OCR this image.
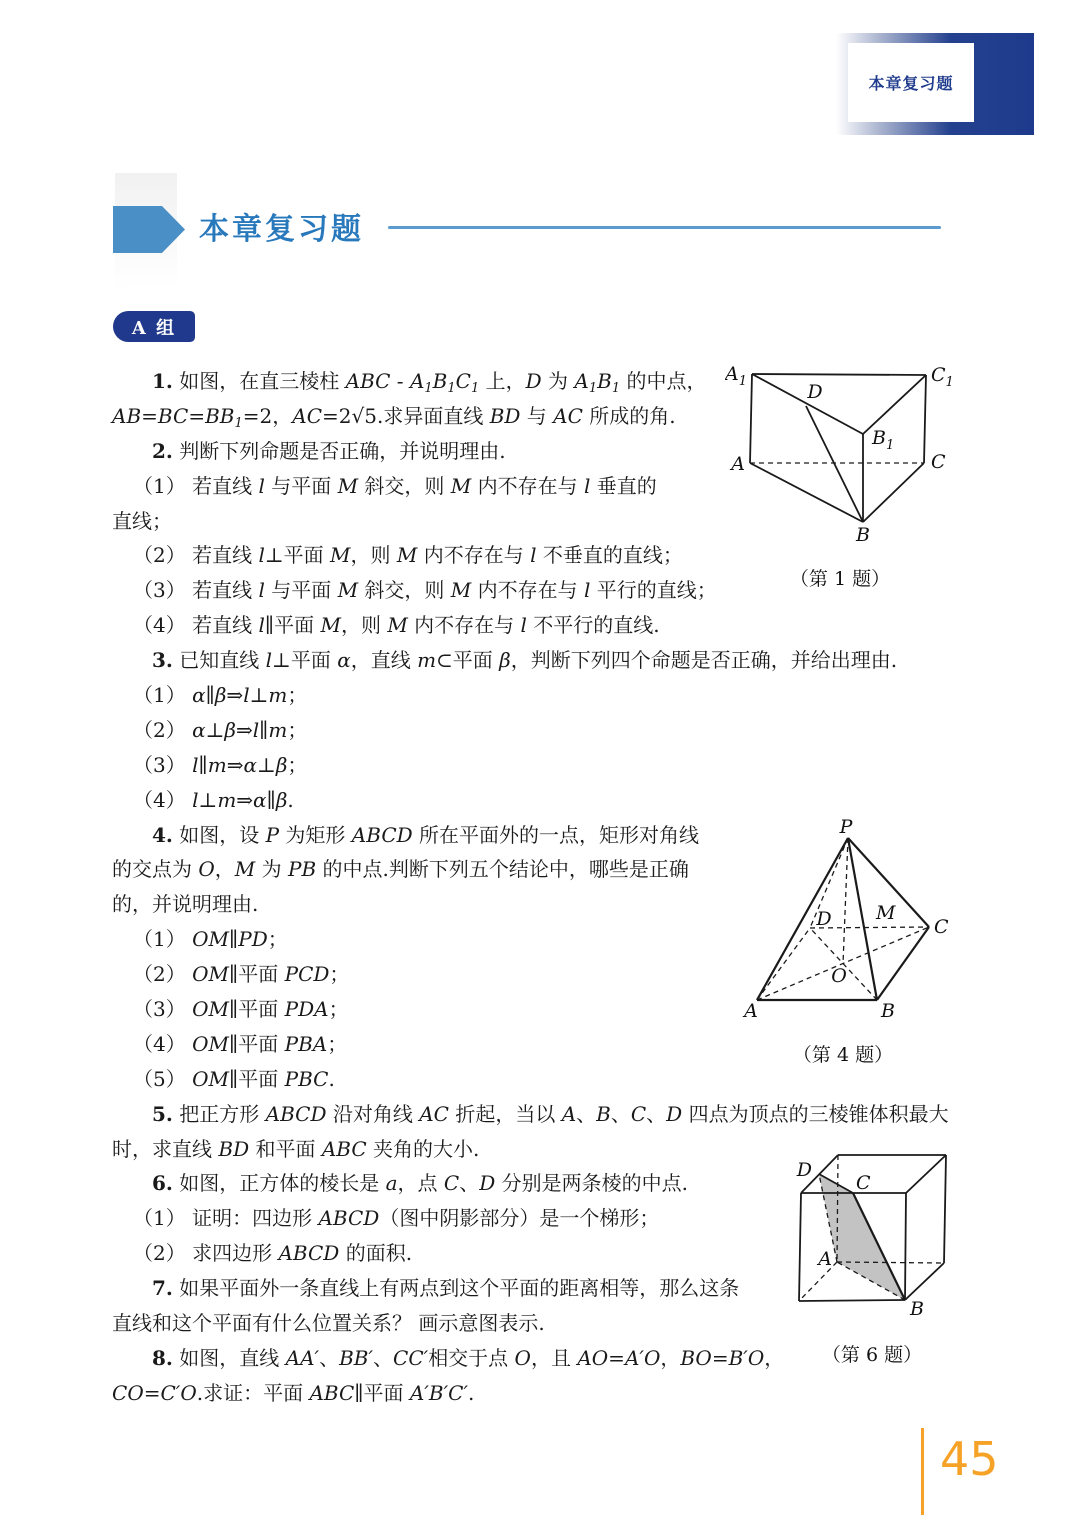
本章复习题
本章复习题
A 组
1. 如图，在直三棱柱 ABC - $A_1B_1C_1$ 上，D 为 $A_1B_1$ 的中点，
$AB=BC=BB_1=2$，AC=2√5.求异面直线 BD 与 AC 所成的角.
2. 判断下列命题是否正确，并说明理由.
（1） 若直线 l 与平面 M 斜交，则 M 内不存在与 l 垂直的
直线；
（2） 若直线 l⊥平面 M，则 M 内不存在与 l 不垂直的直线；
（3） 若直线 l 与平面 M 斜交，则 M 内不存在与 l 平行的直线；
（4） 若直线 l∥平面 M，则 M 内不存在与 l 不平行的直线.
3. 已知直线 l⊥平面 α，直线 m⊂平面 β，判断下列四个命题是否正确，并给出理由.
（1） α∥β⇒l⊥m；
（2） α⊥β⇒l∥m；
（3） l∥m⇒α⊥β；
（4） l⊥m⇒α∥β.
4. 如图，设 P 为矩形 ABCD 所在平面外的一点，矩形对角线
的交点为 O，M 为 PB 的中点.判断下列五个结论中，哪些是正确
的，并说明理由.
（1） OM∥PD；
（2） OM∥平面 PCD；
（3） OM∥平面 PDA；
（4） OM∥平面 PBA；
（5） OM∥平面 PBC.
5. 把正方形 ABCD 沿对角线 AC 折起，当以 A、B、C、D 四点为顶点的三棱锥体积最大
时，求直线 BD 和平面 ABC 夹角的大小.
6. 如图，正方体的棱长是 a，点 C、D 分别是两条棱的中点.
（1） 证明：四边形 ABCD（图中阴影部分）是一个梯形；
（2） 求四边形 ABCD 的面积.
7. 如果平面外一条直线上有两点到这个平面的距离相等，那么这条
直线和这个平面有什么位置关系？ 画示意图表示.
8. 如图，直线 AA′、BB′、CC′相交于点 O，且 AO=A′O，BO=B′O，
CO=C′O.求证：平面 ABC∥平面 A′B′C′.
$A_1$	$C_1$
D
$B_1$
A	C
B
（第 1 题）
P
D M
C
O
A	B
（第 4 题）
D
C
A
B
（第 6 题）
45
